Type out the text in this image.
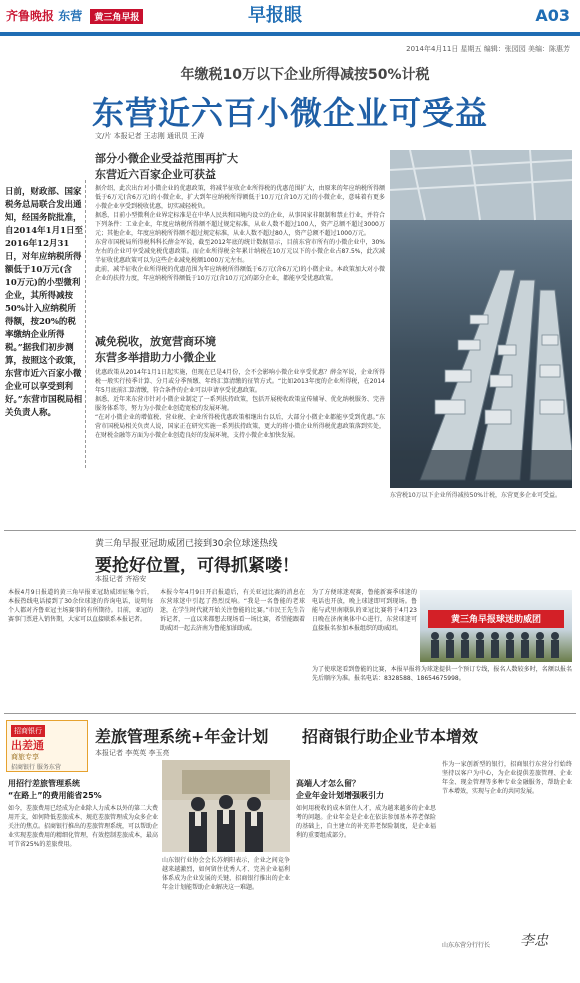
齐鲁晚报 东营 黄三角早报	早报眼	A03
2014年4月11日 星期五 编辑：张园园 美编：陈惠芳
年缴税10万以下企业所得减按50%计税
东营近六百小微企业可受益
文/片 本报记者 王志刚 通讯员 王涛
日前，财政部、国家税务总局联合发出通知，经国务院批准，自2014年1月1日至2016年12月31日，对年应纳税所得额低于10万元(含10万元)的小型微利企业，其所得减按50%计入应纳税所得额，按20%的税率缴纳企业所得税。”据我们初步测算，按照这个政策，东营市近六百家小微企业可以享受到利好。”东营市国税局相关负责人称。
部分小微企业受益范围再扩大
东营近六百家企业可获益

据介绍，此次出台对小微企业的优惠政策，将减半征收企业所得税的优惠范围扩大，由原来的年应纳税所得额低于6万元(含6万元)的小微企业，扩大到年应纳税所得额低于10万元(含10万元)的小微企业，意味着有更多小微企业享受到税收优惠，切实减轻税负。

据悉，目前小型微利企业界定标准是在中华人民共和国境内设立的企业，从事国家非限制和禁止行业，并符合下列条件：工业企业，年度应纳税所得额不超过规定标准，从业人数不超过100人，资产总额不超过3000万元；其他企业，年度应纳税所得额不超过规定标准，从业人数不超过80人，资产总额不超过1000万元。

东营市国税局所得税科科长薛金军说，截至2012年底的统计数据显示，目前东营市所有的小微企业中，30%左右的企业可享受减免税优惠政策。而企业所得税全年累计纳税在10万元以下的小微企业占87.5%，此次减半征收优惠政策可以为这些企业减免税额1000万元左右。

此前，减半征收企业所得税的优惠范围为年应纳税所得额低于6万元(含6万元)的小微企业。本政策加大对小微企业的扶持力度，年应纳税所得额低于10万元(含10万元)的部分企业，都能享受优惠政策。

减免税收，放宽营商环境
东营多举措助力小微企业

优惠政策从2014年1月1日起实施，但现在已是4月份，会不会影响小微企业享受优惠？薛金军说，企业所得税一般实行按季计算、分月或分季预缴、年终汇算清缴的征管方式。“比如2013年度的企业所得税，在2014年5月底前汇算清缴，符合条件的企业可以申请享受优惠政策。

据悉，近年来东营市针对小微企业制定了一系列扶持政策，包括开展税收政策宣传辅导、优化纳税服务、完善服务体系等，努力为小微企业创造宽松的发展环境。

“在对小微企业的增值税、营业税、企业所得税优惠政策相继出台以后，大部分小微企业都能享受到优惠。”东营市国税局相关负责人说，国家正在研究实施一系列扶持政策，更大的将小微企业所得税优惠政策落到实处，在财税金融等方面为小微企业创造良好的发展环境，支持小微企业加快发展。

东营税10万以下企业所得减按50%计税，东营更多企业可受益。
黄三角早报亚冠助威团已接到30余位球迷热线
要抢好位置，可得抓紧喽！
本报记者 齐裕安
本报4月9日报道的黄三角早报亚冠助威团征集令后，本报热线电话接到了30余位球迷的咨询电话，说明每个人都对齐鲁亚冠主场赛事的有所期待。目前，亚冠的赛事门票进入销售期，大家可以直接联系本报记者。
本报今年4月9日开启报道后，有关亚冠比赛的消息在东营球迷中引起了热烈反响。“我是一名鲁能的老球迷，在学生时代就开始关注鲁能的比赛。”市民王先生告诉记者，一直以来都想去现场看一场比赛，希望能跟着助威团一起去济南为鲁能加油助威。
为了方便球迷观赛，鲁能新赛季球迷的电话也开放，晚上球迷即可到现场。鲁能与武里南联队的亚冠比赛将于4月23日晚在济南奥体中心进行，东营球迷可直接报名参加本报组织的助威团。
黄三角早报球迷助威团
为了使球迷看到鲁能的比赛，本报早报将为球迷提供一个预订专线，报名人数较多时，名额以报名先后顺序为准。报名电话：8328588、18654675998。
招商银行
出差通
商旅专享
招商银行 服务东营
差旅管理系统+年金计划 招商银行助企业节本增效
本报记者 李英英 李玉亮
用招行差旅管理系统
“在路上”的费用能省25%
如今，差旅费用已经成为企业除人力成本以外的第二大费用开支，如何降低差旅成本、规范差旅管理成为众多企业关注的焦点。招商银行推出的差旅管理系统，可以帮助企业实现差旅费用的精细化管理，有效控制差旅成本，最高可节省25%的差旅费用。
山东银行业协会会长苏炳阳表示，企业之间竞争越来越激烈，如何留住优秀人才、完善企业福利体系成为企业发展的关键，招商银行推出的企业年金计划能帮助企业解决这一难题。
高端人才怎么留？
企业年金计划增强吸引力
如何用税收的成本留住人才，成为越来越多的企业思考的问题。企业年金是企业在依法参加基本养老保险的基础上，自主建立的补充养老保险制度，是企业福利的重要组成部分。
作为一家创新型的银行，招商银行东营分行始终坚持以客户为中心，为企业提供差旅管理、企业年金、现金管理等多种专业金融服务，帮助企业节本增效，实现与企业的共同发展。
山东东营分行行长 李忠
